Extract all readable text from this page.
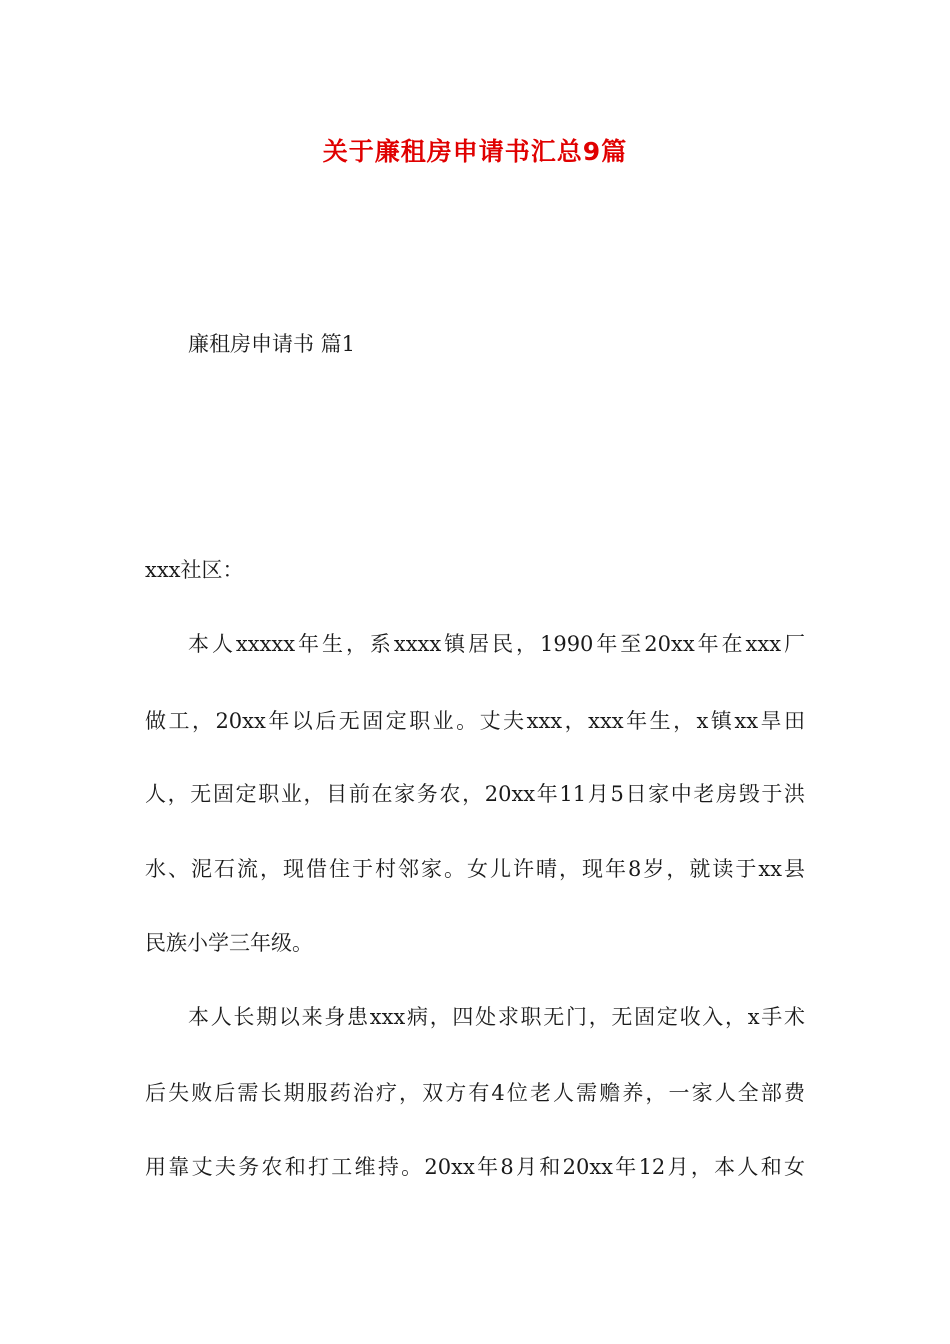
关于廉租房申请书汇总9篇

廉租房申请书 篇1

xxx社区：

本人xxxxx年生，系xxxx镇居民，1990年至20xx年在xxx厂

做工，20xx年以后无固定职业。丈夫xxx，xxx年生，x镇xx旱田

人，无固定职业，目前在家务农，20xx年11月5日家中老房毁于洪

水、泥石流，现借住于村邻家。女儿许晴，现年8岁，就读于xx县

民族小学三年级。

本人长期以来身患xxx病，四处求职无门，无固定收入，x手术

后失败后需长期服药治疗，双方有4位老人需赡养，一家人全部费

用靠丈夫务农和打工维持。20xx年8月和20xx年12月，本人和女
